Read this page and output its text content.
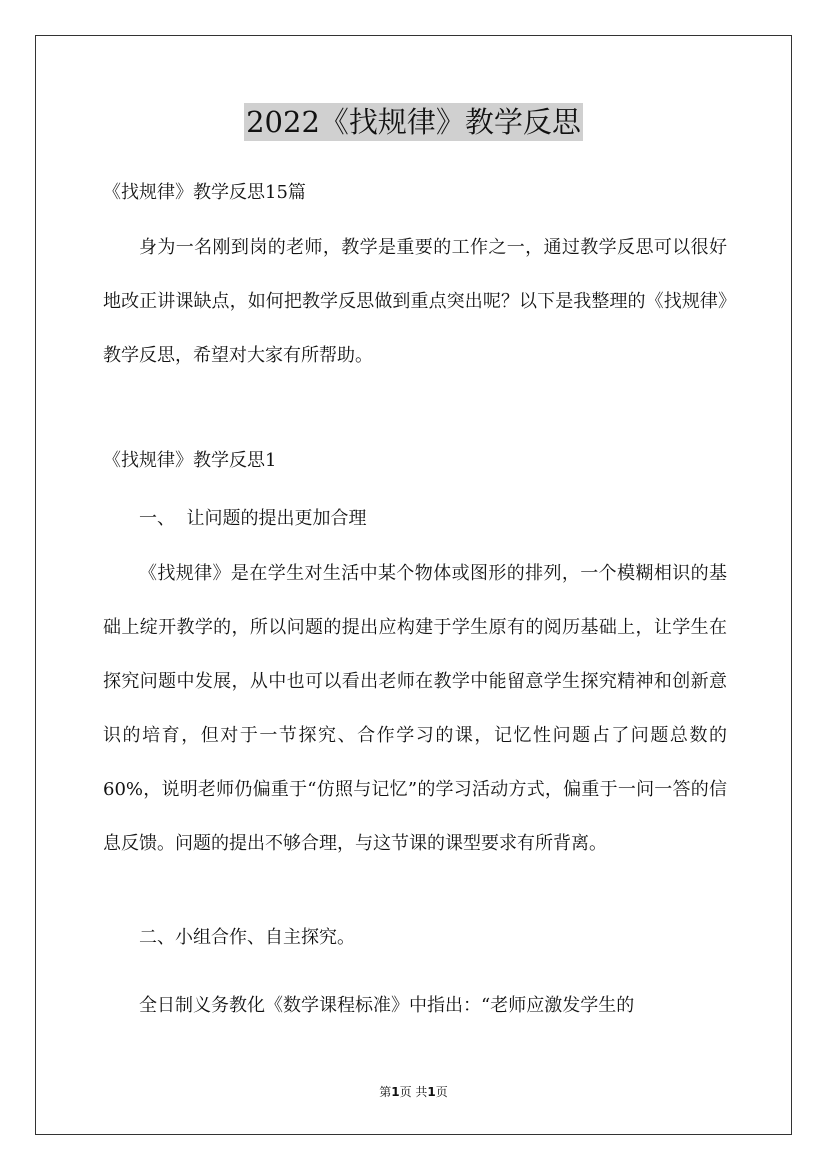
2022《找规律》教学反思
《找规律》教学反思15篇

身为一名刚到岗的老师，教学是重要的工作之一，通过教学反思可以很好地改正讲课缺点，如何把教学反思做到重点突出呢？以下是我整理的《找规律》教学反思，希望对大家有所帮助。

《找规律》教学反思1

一、  让问题的提出更加合理

《找规律》是在学生对生活中某个物体或图形的排列，一个模糊相识的基础上绽开教学的，所以问题的提出应构建于学生原有的阅历基础上，让学生在探究问题中发展，从中也可以看出老师在教学中能留意学生探究精神和创新意识的培育，但对于一节探究、合作学习的课，记忆性问题占了问题总数的60%，说明老师仍偏重于“仿照与记忆”的学习活动方式，偏重于一问一答的信息反馈。问题的提出不够合理，与这节课的课型要求有所背离。

二、小组合作、自主探究。

全日制义务教化《数学课程标准》中指出：“老师应激发学生的

第1页 共1页
